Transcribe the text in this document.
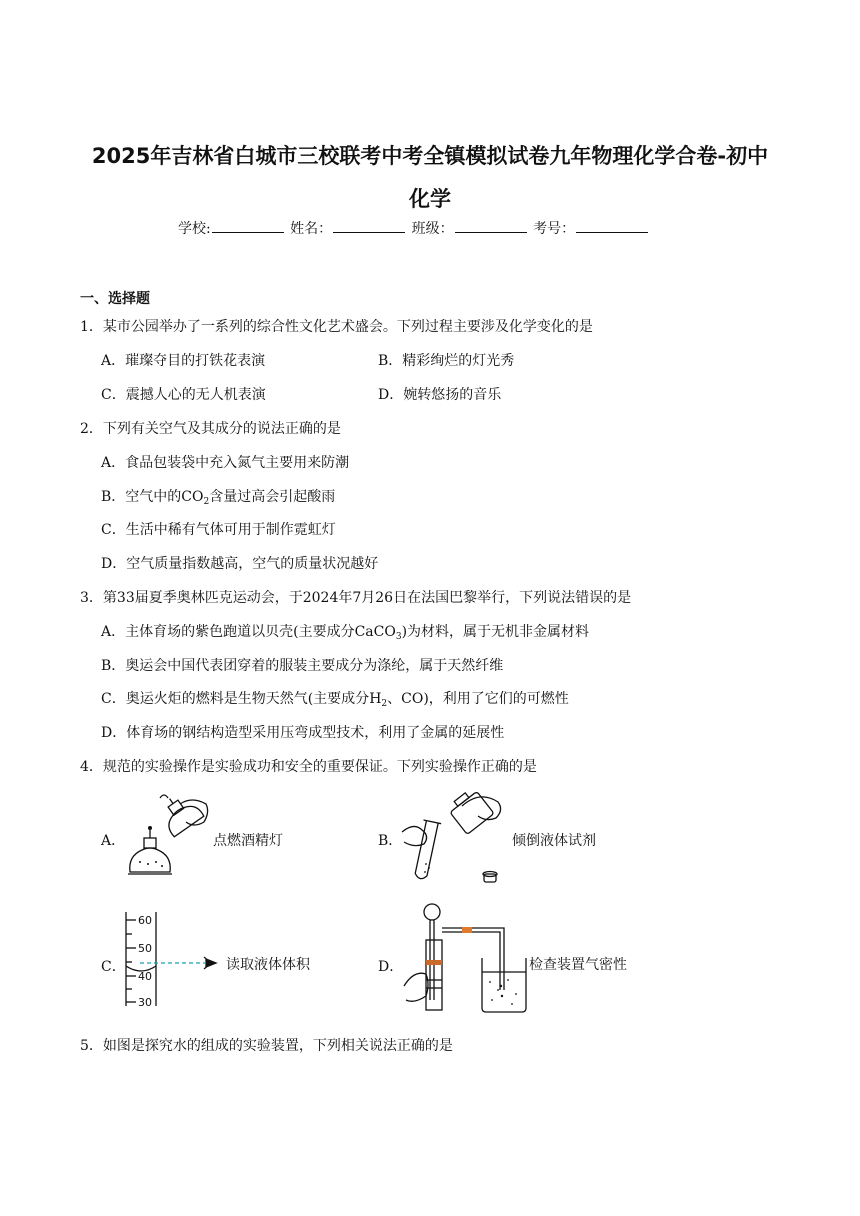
2025年吉林省白城市三校联考中考全镇模拟试卷九年物理化学合卷-初中
化学
学校:	姓名：	班级：	考号：
一、选择题
1．某市公园举办了一系列的综合性文化艺术盛会。下列过程主要涉及化学变化的是
A．璀璨夺目的打铁花表演	B．精彩绚烂的灯光秀
C．震撼人心的无人机表演	D．婉转悠扬的音乐
2．下列有关空气及其成分的说法正确的是
A．食品包装袋中充入氮气主要用来防潮
B．空气中的$CO_2$含量过高会引起酸雨
C．生活中稀有气体可用于制作霓虹灯
D．空气质量指数越高，空气的质量状况越好
3．第33届夏季奥林匹克运动会，于2024年7月26日在法国巴黎举行，下列说法错误的是
A．主体育场的紫色跑道以贝壳(主要成分CaCO$_3$)为材料，属于无机非金属材料
B．奥运会中国代表团穿着的服装主要成分为涤纶，属于天然纤维
C．奥运火炬的燃料是生物天然气(主要成分$H_2$、CO)，利用了它们的可燃性
D．体育场的钢结构造型采用压弯成型技术，利用了金属的延展性
4．规范的实验操作是实验成功和安全的重要保证。下列实验操作正确的是
A．	点燃酒精灯	B．	倾倒液体试剂
C．
60
50
40
30
读取液体体积	D．	检查装置气密性
5．如图是探究水的组成的实验装置，下列相关说法正确的是
